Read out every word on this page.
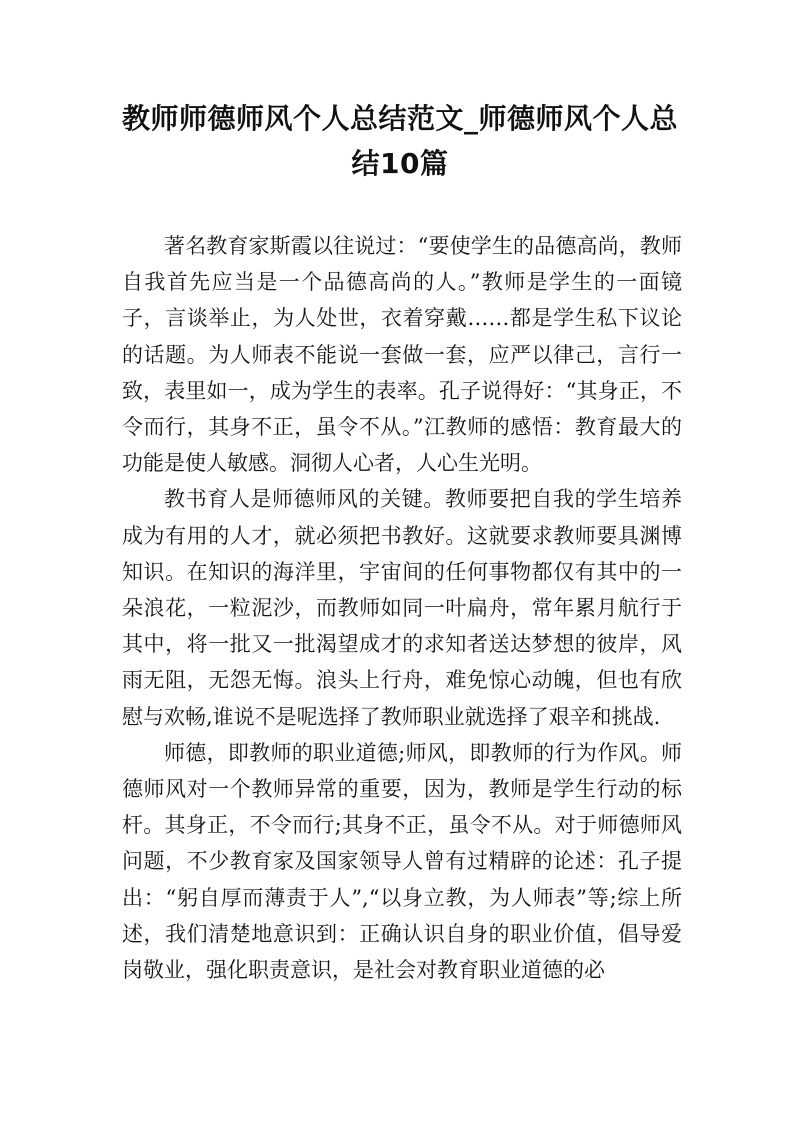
教师师德师风个人总结范文_师德师风个人总结10篇

著名教育家斯霞以往说过：“要使学生的品德高尚，教师自我首先应当是一个品德高尚的人。”教师是学生的一面镜子，言谈举止，为人处世，衣着穿戴……都是学生私下议论的话题。为人师表不能说一套做一套，应严以律己，言行一致，表里如一，成为学生的表率。孔子说得好：“其身正，不令而行，其身不正，虽令不从。”江教师的感悟：教育最大的功能是使人敏感。洞彻人心者，人心生光明。

教书育人是师德师风的关键。教师要把自我的学生培养成为有用的人才，就必须把书教好。这就要求教师要具渊博知识。在知识的海洋里，宇宙间的任何事物都仅有其中的一朵浪花，一粒泥沙，而教师如同一叶扁舟，常年累月航行于其中，将一批又一批渴望成才的求知者送达梦想的彼岸，风雨无阻，无怨无悔。浪头上行舟，难免惊心动魄，但也有欣慰与欢畅,谁说不是呢选择了教师职业就选择了艰辛和挑战.

师德，即教师的职业道德;师风，即教师的行为作风。师德师风对一个教师异常的重要，因为，教师是学生行动的标杆。其身正，不令而行;其身不正，虽令不从。对于师德师风问题，不少教育家及国家领导人曾有过精辟的论述：孔子提出：“躬自厚而薄责于人”,“以身立教，为人师表”等;综上所述，我们清楚地意识到：正确认识自身的职业价值，倡导爱岗敬业，强化职责意识，是社会对教育职业道德的必
